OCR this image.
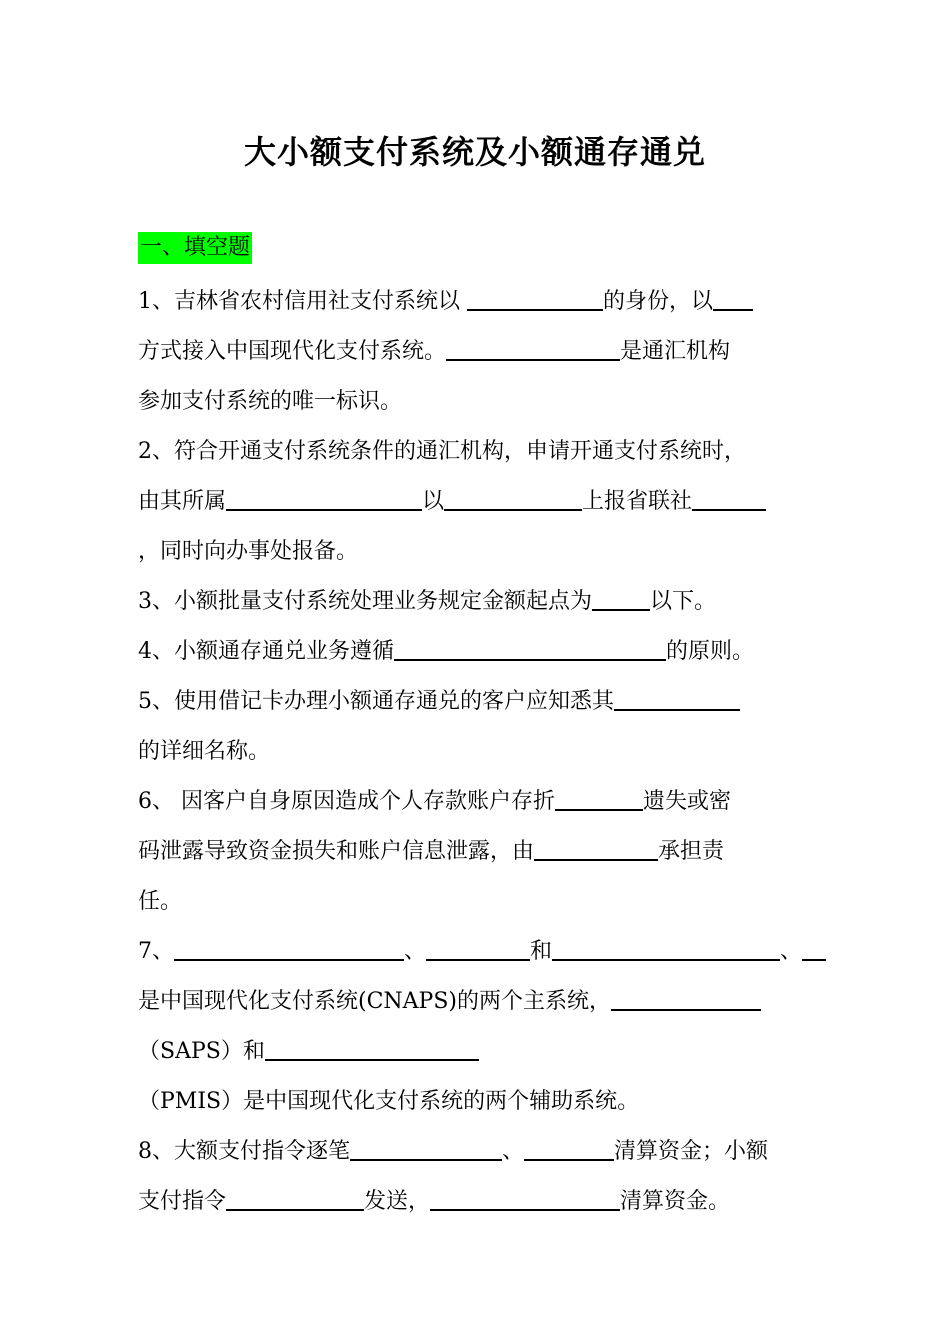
大小额支付系统及小额通存通兑
一、填空题
1、吉林省农村信用社支付系统以	的身份，以
方式接入中国现代化支付系统。	是通汇机构
参加支付系统的唯一标识。
2、符合开通支付系统条件的通汇机构，申请开通支付系统时，
由其所属	以	上报省联社
，同时向办事处报备。
3、小额批量支付系统处理业务规定金额起点为	以下。
4、小额通存通兑业务遵循	的原则。
5、使用借记卡办理小额通存通兑的客户应知悉其
的详细名称。
6、 因客户自身原因造成个人存款账户存折	遗失或密
码泄露导致资金损失和账户信息泄露，由	承担责
任。
7、	、	和	、
是中国现代化支付系统(CNAPS)的两个主系统，
（SAPS）和
（PMIS）是中国现代化支付系统的两个辅助系统。
8、大额支付指令逐笔	、	清算资金；小额
支付指令	发送，	清算资金。
